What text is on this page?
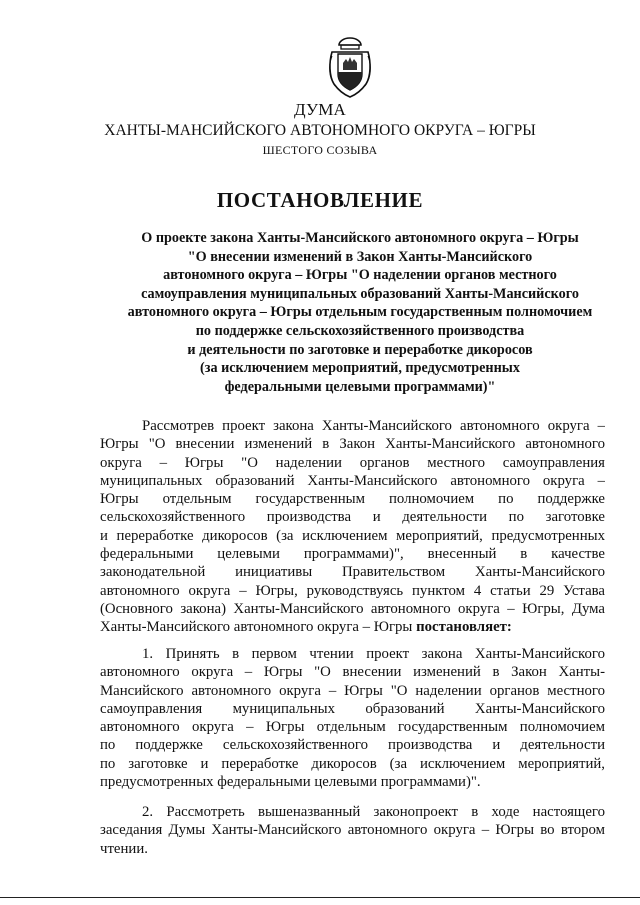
ДУМА
ХАНТЫ-МАНСИЙСКОГО АВТОНОМНОГО ОКРУГА – ЮГРЫ
ШЕСТОГО СОЗЫВА
ПОСТАНОВЛЕНИЕ
О проекте закона Ханты-Мансийского автономного округа – Югры
"О внесении изменений в Закон Ханты-Мансийского
автономного округа – Югры "О наделении органов местного
самоуправления муниципальных образований Ханты-Мансийского
автономного округа – Югры отдельным государственным полномочием
по поддержке сельскохозяйственного производства
и деятельности по заготовке и переработке дикоросов
(за исключением мероприятий, предусмотренных
федеральными целевыми программами)"
Рассмотрев проект закона Ханты-Мансийского автономного округа –
Югры "О внесении изменений в Закон Ханты-Мансийского автономного
округа – Югры "О наделении органов местного самоуправления
муниципальных образований Ханты-Мансийского автономного округа –
Югры отдельным государственным полномочием по поддержке
сельскохозяйственного производства и деятельности по заготовке
и переработке дикоросов (за исключением мероприятий, предусмотренных
федеральными целевыми программами)", внесенный в качестве
законодательной инициативы Правительством Ханты-Мансийского
автономного округа – Югры, руководствуясь пунктом 4 статьи 29 Устава
(Основного закона) Ханты-Мансийского автономного округа – Югры, Дума
Ханты-Мансийского автономного округа – Югры постановляет:
1. Принять в первом чтении проект закона Ханты-Мансийского
автономного округа – Югры "О внесении изменений в Закон Ханты-
Мансийского автономного округа – Югры "О наделении органов местного
самоуправления муниципальных образований Ханты-Мансийского
автономного округа – Югры отдельным государственным полномочием
по поддержке сельскохозяйственного производства и деятельности
по заготовке и переработке дикоросов (за исключением мероприятий,
предусмотренных федеральными целевыми программами)".
2. Рассмотреть вышеназванный законопроект в ходе настоящего
заседания Думы Ханты-Мансийского автономного округа – Югры во втором
чтении.
